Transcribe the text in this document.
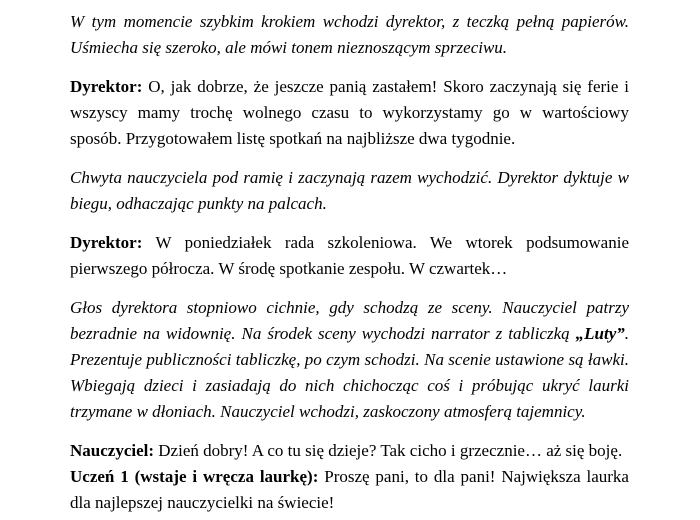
W tym momencie szybkim krokiem wchodzi dyrektor, z teczką pełną papierów. Uśmiecha się szeroko, ale mówi tonem nieznoszącym sprzeciwu.

Dyrektor: O, jak dobrze, że jeszcze panią zastałem! Skoro zaczynają się ferie i wszyscy mamy trochę wolnego czasu to wykorzystamy go w wartościowy sposób. Przygotowałem listę spotkań na najbliższe dwa tygodnie.

Chwyta nauczyciela pod ramię i zaczynają razem wychodzić. Dyrektor dyktuje w biegu, odhaczając punkty na palcach.

Dyrektor: W poniedziałek rada szkoleniowa. We wtorek podsumowanie pierwszego półrocza. W środę spotkanie zespołu. W czwartek…

Głos dyrektora stopniowo cichnie, gdy schodzą ze sceny. Nauczyciel patrzy bezradnie na widownię. Na środek sceny wychodzi narrator z tabliczką „Luty”. Prezentuje publiczności tabliczkę, po czym schodzi. Na scenie ustawione są ławki. Wbiegają dzieci i zasiadają do nich chichocząc coś i próbując ukryć laurki trzymane w dłoniach. Nauczyciel wchodzi, zaskoczony atmosferą tajemnicy.

Nauczyciel: Dzień dobry! A co tu się dzieje? Tak cicho i grzecznie… aż się boję.

Uczeń 1 (wstaje i wręcza laurkę): Proszę pani, to dla pani! Największa laurka dla najlepszej nauczycielki na świecie!
